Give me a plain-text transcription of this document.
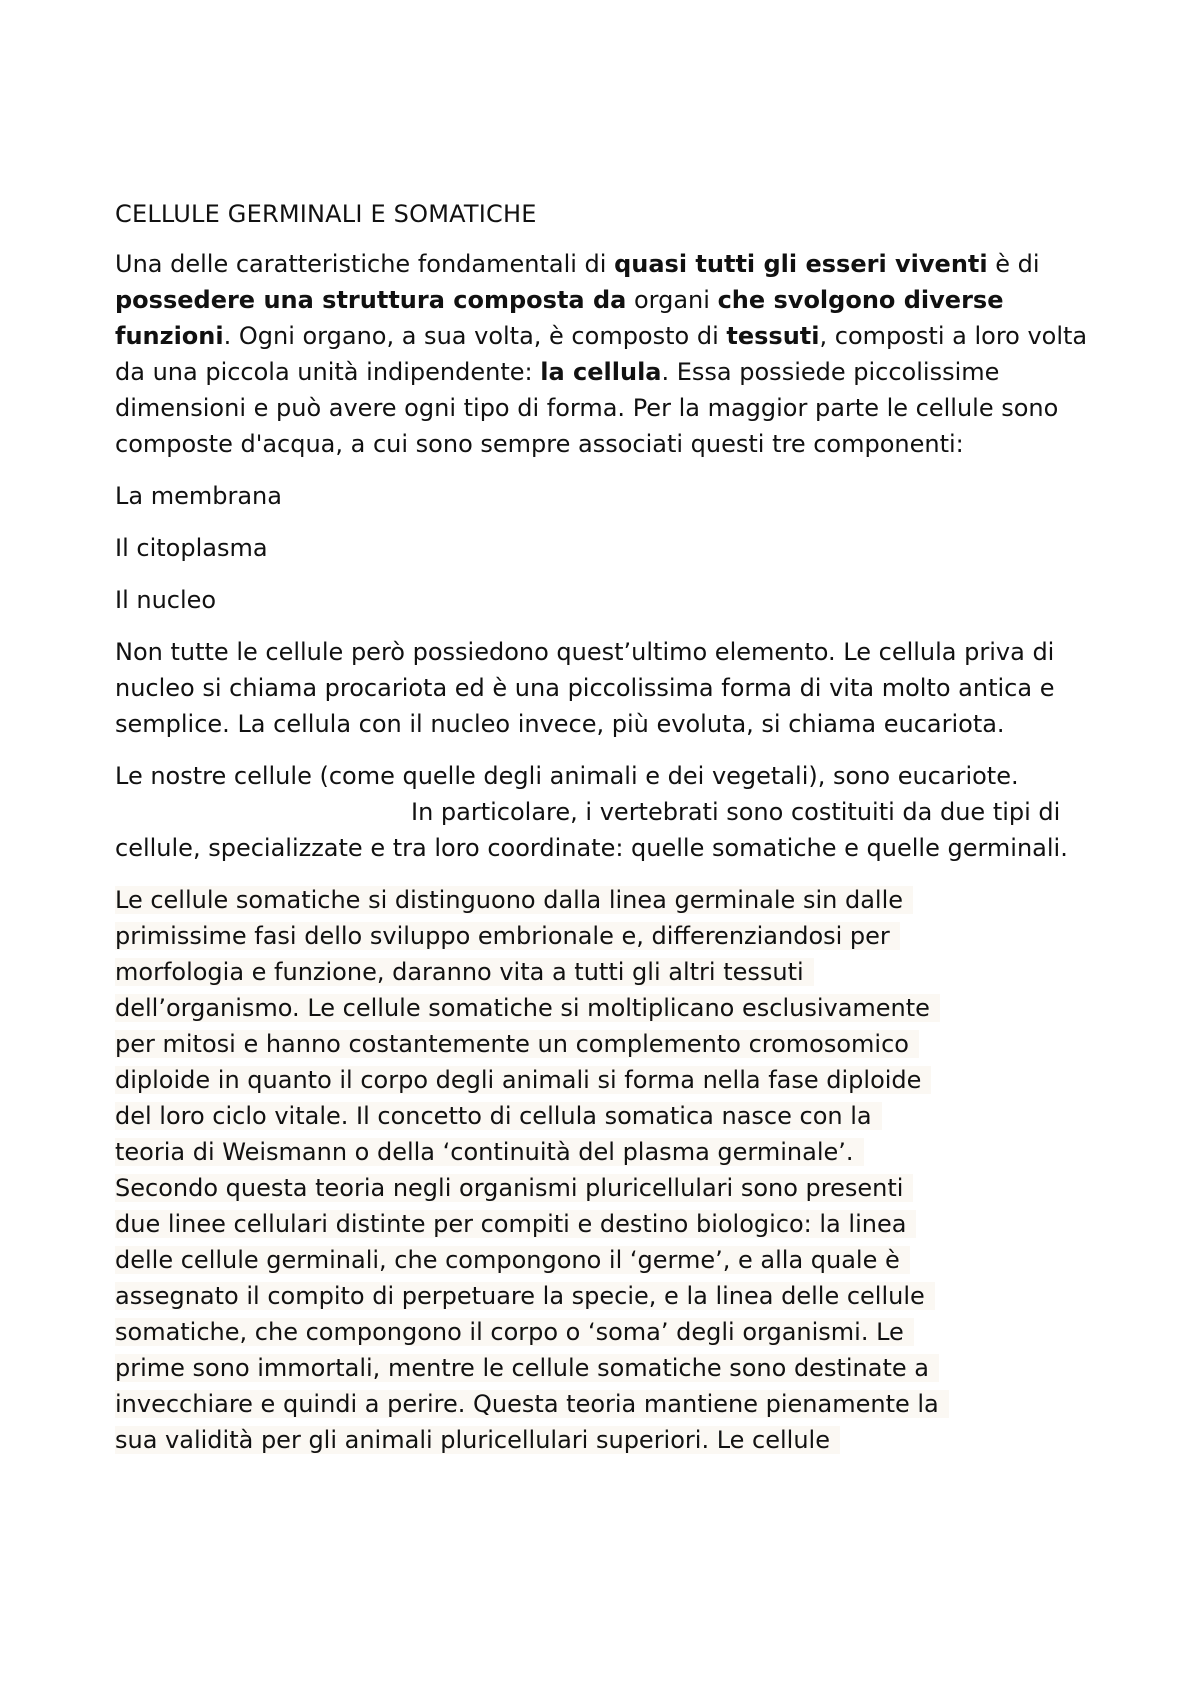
CELLULE GERMINALI E SOMATICHE

Una delle caratteristiche fondamentali di quasi tutti gli esseri viventi è di possedere una struttura composta da organi che svolgono diverse funzioni. Ogni organo, a sua volta, è composto di tessuti, composti a loro volta da una piccola unità indipendente: la cellula. Essa possiede piccolissime dimensioni e può avere ogni tipo di forma. Per la maggior parte le cellule sono composte d'acqua, a cui sono sempre associati questi tre componenti:

La membrana

Il citoplasma

Il nucleo

Non tutte le cellule però possiedono quest’ultimo elemento. Le cellula priva di nucleo si chiama procariota ed è una piccolissima forma di vita molto antica e semplice. La cellula con il nucleo invece, più evoluta, si chiama eucariota.

Le nostre cellule (come quelle degli animali e dei vegetali), sono eucariote.In particolare, i vertebrati sono costituiti da due tipi di cellule, specializzate e tra loro coordinate: quelle somatiche e quelle germinali.

Le cellule somatiche si distinguono dalla linea germinale sin dalle
primissime fasi dello sviluppo embrionale e, differenziandosi per
morfologia e funzione, daranno vita a tutti gli altri tessuti
dell’organismo. Le cellule somatiche si moltiplicano esclusivamente
per mitosi e hanno costantemente un complemento cromosomico
diploide in quanto il corpo degli animali si forma nella fase diploide
del loro ciclo vitale. Il concetto di cellula somatica nasce con la
teoria di Weismann o della ‘continuità del plasma germinale’.
Secondo questa teoria negli organismi pluricellulari sono presenti
due linee cellulari distinte per compiti e destino biologico: la linea
delle cellule germinali, che compongono il ‘germe’, e alla quale è
assegnato il compito di perpetuare la specie, e la linea delle cellule
somatiche, che compongono il corpo o ‘soma’ degli organismi. Le
prime sono immortali, mentre le cellule somatiche sono destinate a
invecchiare e quindi a perire. Questa teoria mantiene pienamente la
sua validità per gli animali pluricellulari superiori. Le cellule
